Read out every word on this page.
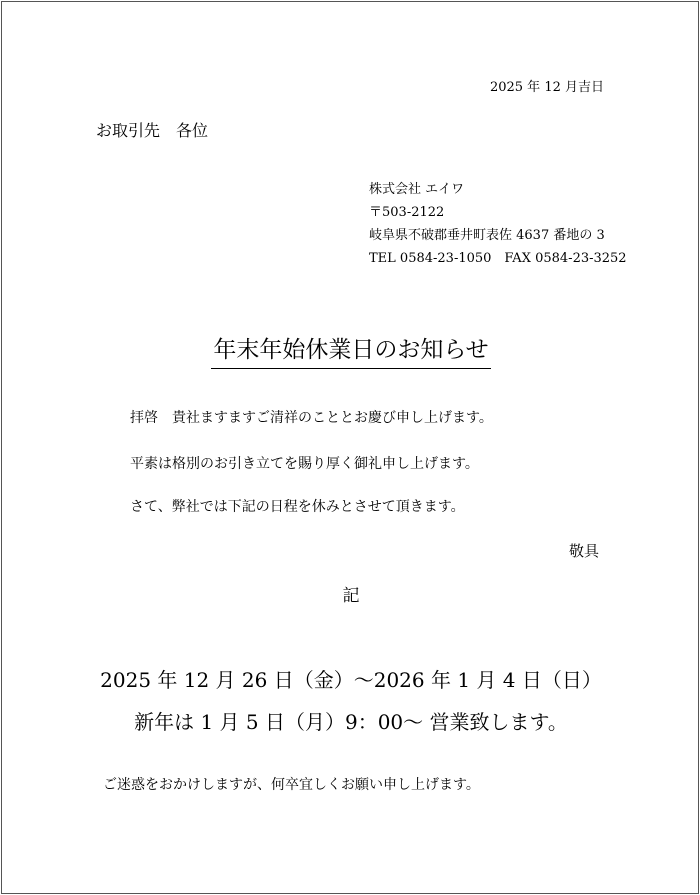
2025 年 12 月吉日
お取引先　各位
株式会社 エイワ
〒503-2122
岐阜県不破郡垂井町表佐 4637 番地の 3
TEL 0584-23-1050　FAX 0584-23-3252
年末年始休業日のお知らせ
拝啓　貴社ますますご清祥のこととお慶び申し上げます。
平素は格別のお引き立てを賜り厚く御礼申し上げます。
さて、弊社では下記の日程を休みとさせて頂きます。
敬具
記
2025 年 12 月 26 日（金）～2026 年 1 月 4 日（日）
新年は 1 月 5 日（月）9：00～ 営業致します。
ご迷惑をおかけしますが、何卒宜しくお願い申し上げます。
